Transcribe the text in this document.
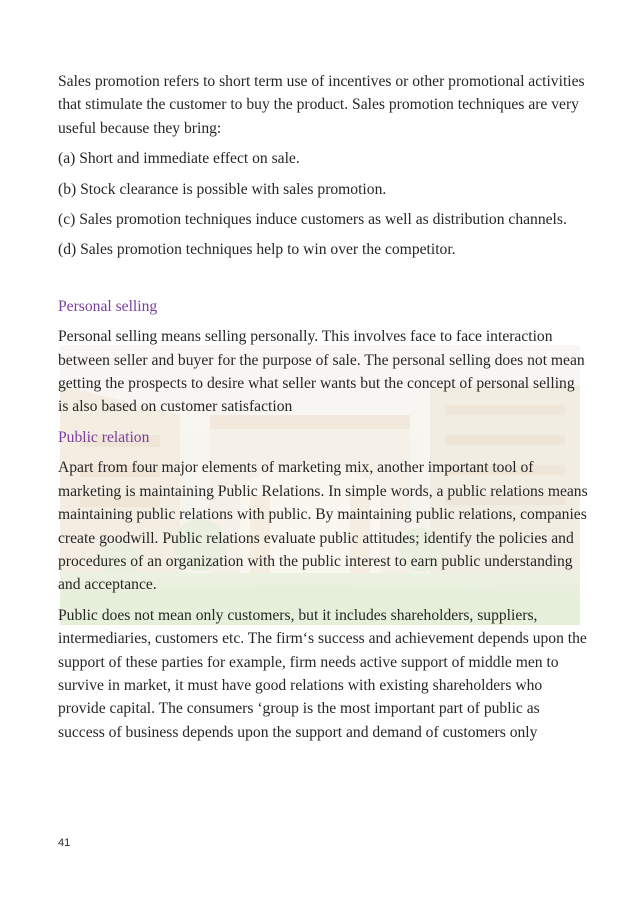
Sales promotion refers to short term use of incentives or other promotional activities that stimulate the customer to buy the product. Sales promotion techniques are very useful because they bring:

(a) Short and immediate effect on sale.

(b) Stock clearance is possible with sales promotion.

(c) Sales promotion techniques induce customers as well as distribution channels.

(d) Sales promotion techniques help to win over the competitor.

Personal selling

Personal selling means selling personally. This involves face to face interaction between seller and buyer for the purpose of sale. The personal selling does not mean getting the prospects to desire what seller wants but the concept of personal selling is also based on customer satisfaction

Public relation

Apart from four major elements of marketing mix, another important tool of marketing is maintaining Public Relations. In simple words, a public relations means maintaining public relations with public. By maintaining public relations, companies create goodwill. Public relations evaluate public attitudes; identify the policies and procedures of an organization with the public interest to earn public understanding and acceptance.

Public does not mean only customers, but it includes shareholders, suppliers, intermediaries, customers etc. The firm‘s success and achievement depends upon the support of these parties for example, firm needs active support of middle men to survive in market, it must have good relations with existing shareholders who provide capital. The consumers ‘group is the most important part of public as success of business depends upon the support and demand of customers only

41
